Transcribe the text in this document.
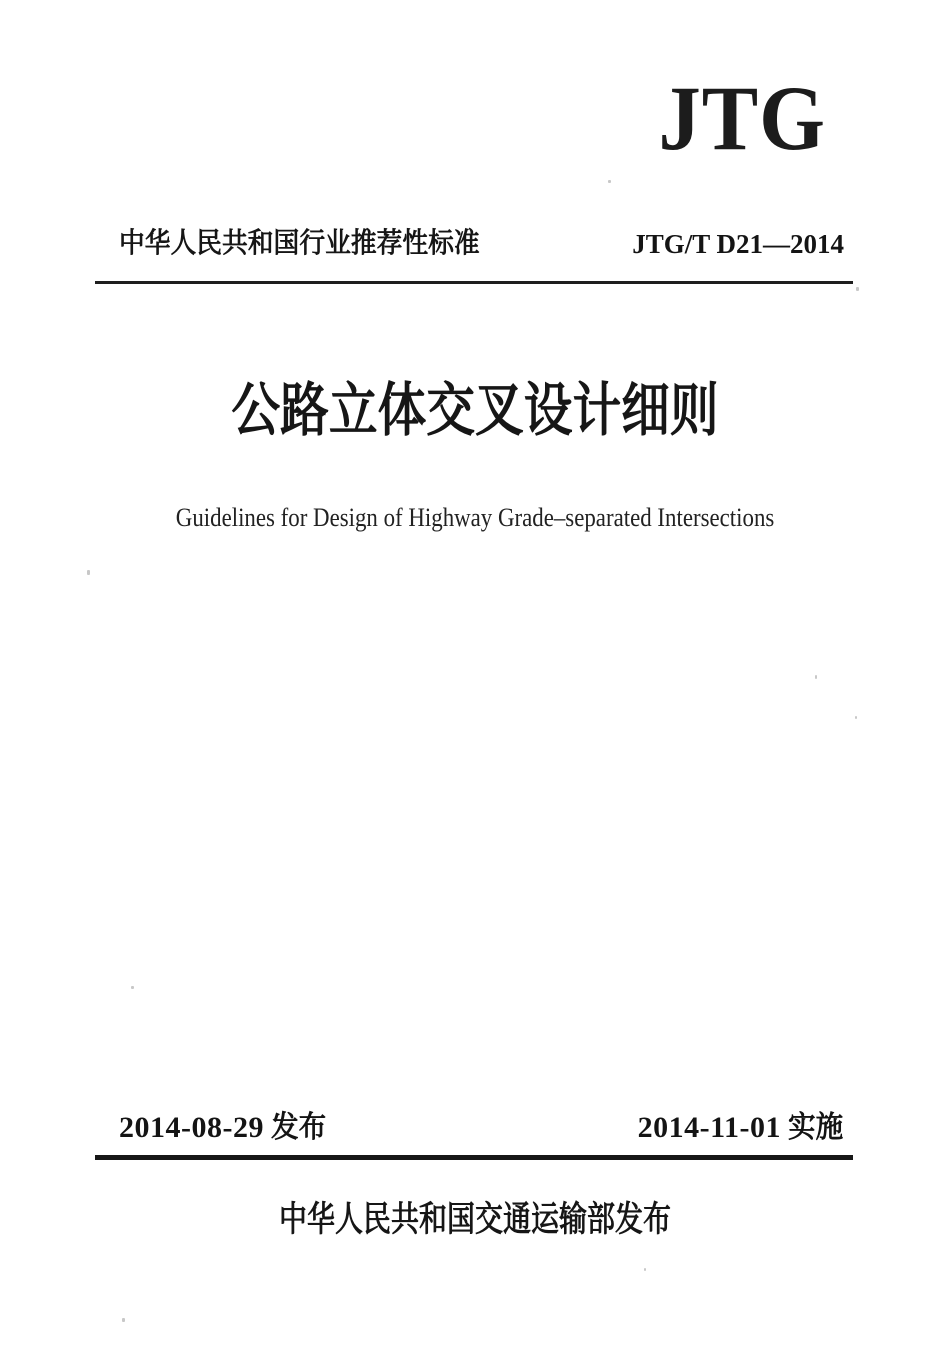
JTG
中华人民共和国行业推荐性标准	JTG/T D21—2014
公路立体交叉设计细则
Guidelines for Design of Highway Grade–separated Intersections
2014-08-29 发布	2014-11-01 实施
中华人民共和国交通运输部发布
